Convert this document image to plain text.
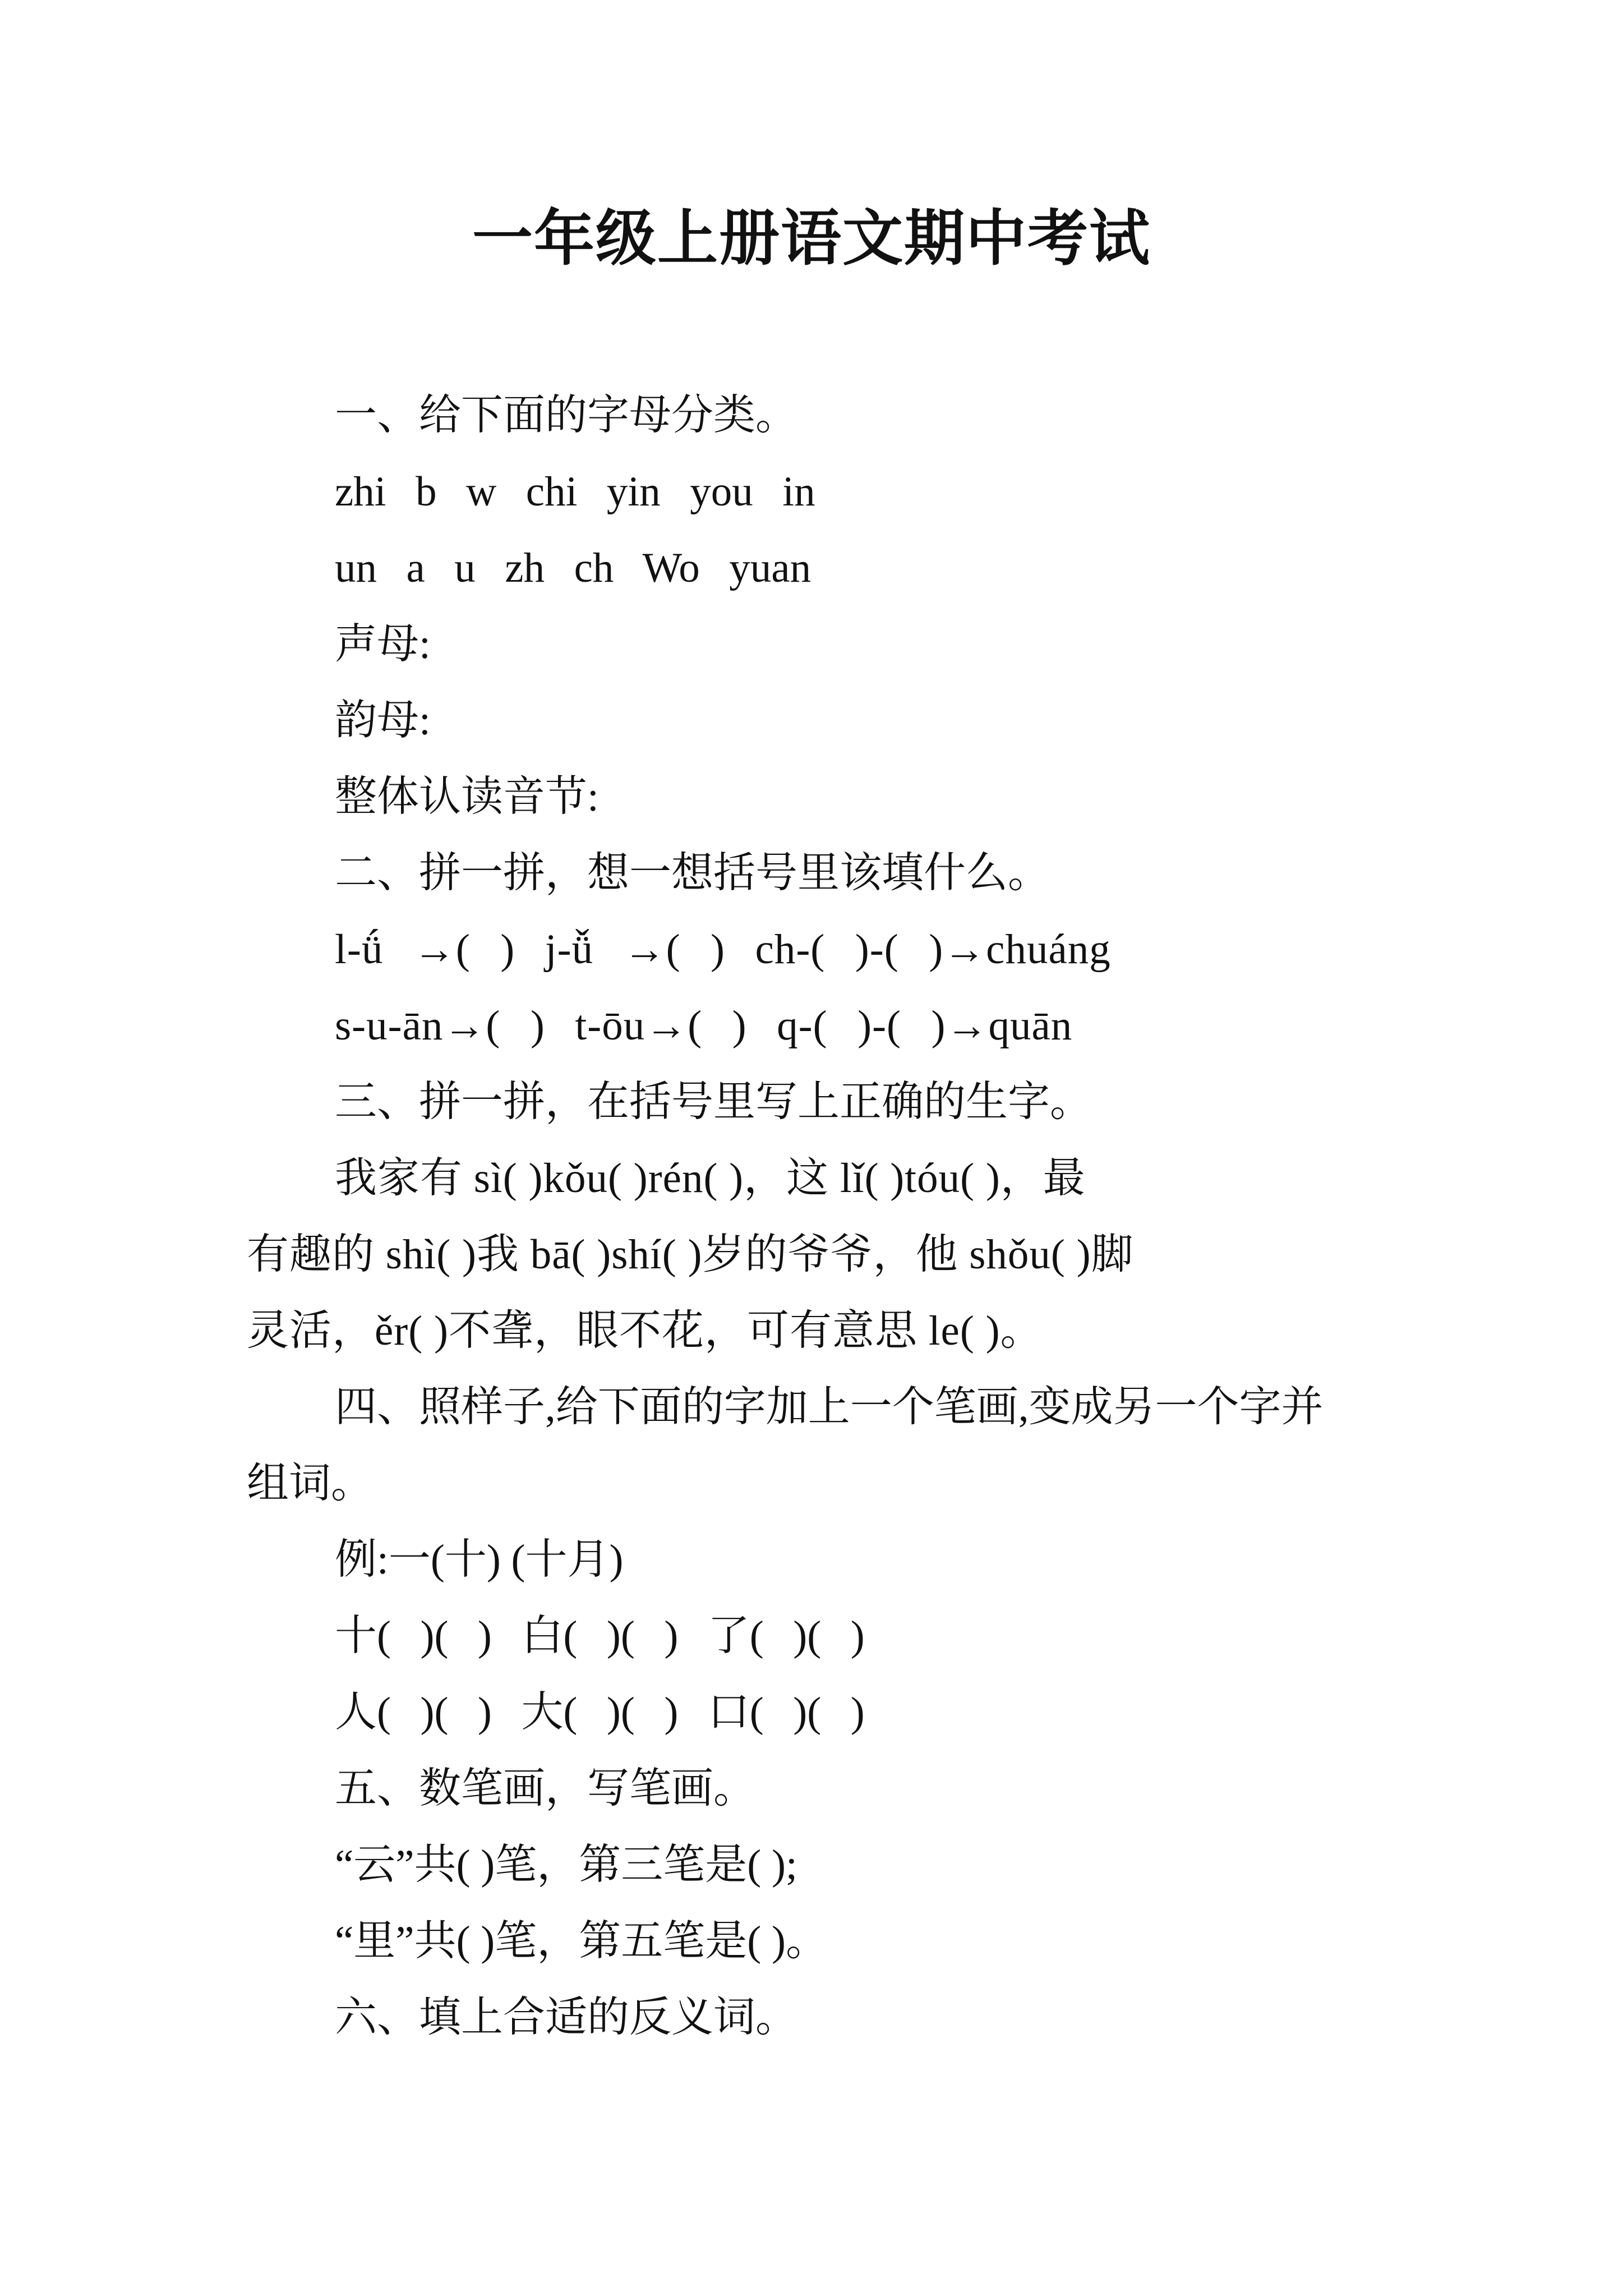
一年级上册语文期中考试
一、给下面的字母分类。
zhi b w chi yin you in
un a u zh ch Wo yuan
声母:
韵母:
整体认读音节:
二、拼一拼，想一想括号里该填什么。
l-ǘ →( ) j-ǚ →( ) ch-( )-( )→chuáng
s-u-ān→( ) t-ōu→( ) q-( )-( )→quān
三、拼一拼，在括号里写上正确的生字。
我家有 sì( )kǒu( )rén( )，这 lǐ( )tóu( )，最
有趣的 shì( )我 bā( )shí( )岁的爷爷，他 shǒu( )脚
灵活，ěr( )不聋，眼不花，可有意思 le( )。
四、照样子,给下面的字加上一个笔画,变成另一个字并
组词。
例:一(十) (十月)
十( )( ) 白( )( ) 了( )( )
人( )( ) 大( )( ) 口( )( )
五、数笔画，写笔画。
“云”共( )笔，第三笔是( );
“里”共( )笔，第五笔是( )。
六、填上合适的反义词。
